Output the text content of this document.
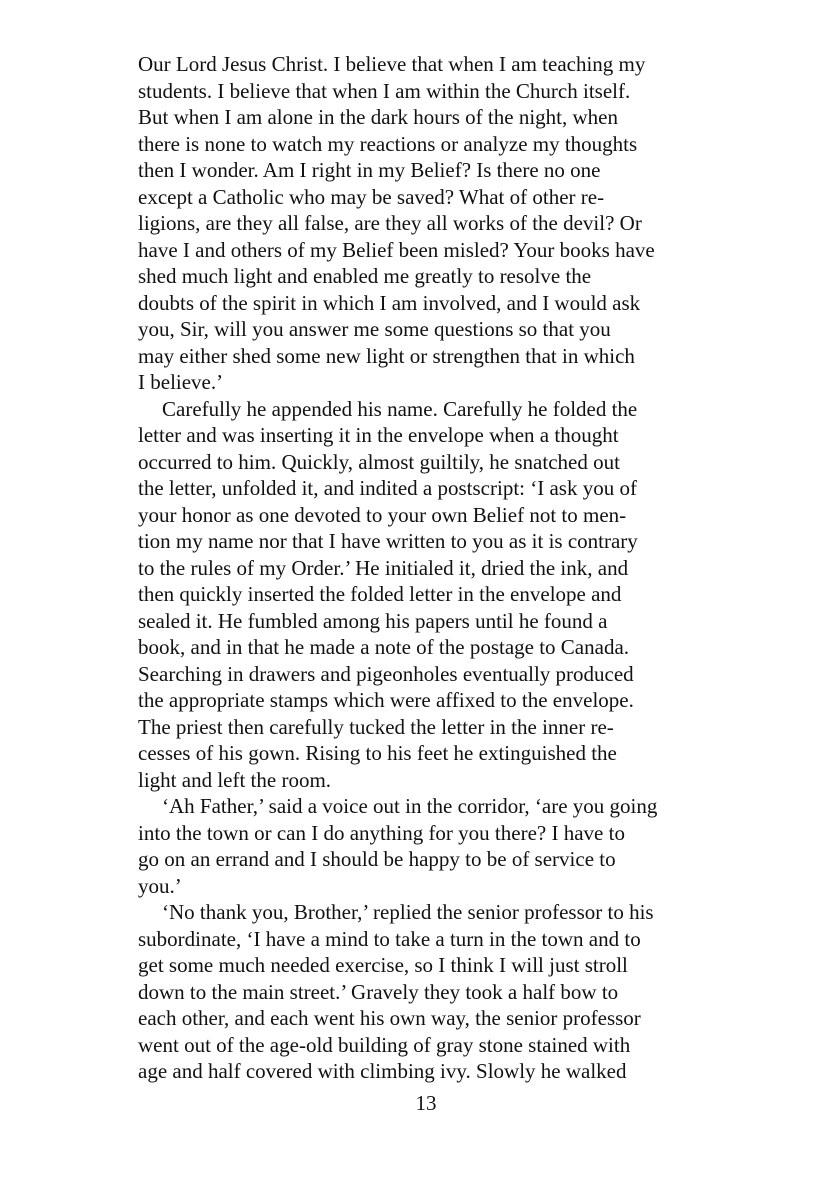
Our Lord Jesus Christ. I believe that when I am teaching my
students. I believe that when I am within the Church itself.
But when I am alone in the dark hours of the night, when
there is none to watch my reactions or analyze my thoughts
then I wonder. Am I right in my Belief? Is there no one
except a Catholic who may be saved? What of other re-
ligions, are they all false, are they all works of the devil? Or
have I and others of my Belief been misled? Your books have
shed much light and enabled me greatly to resolve the
doubts of the spirit in which I am involved, and I would ask
you, Sir, will you answer me some questions so that you
may either shed some new light or strengthen that in which
I believe.’
Carefully he appended his name. Carefully he folded the
letter and was inserting it in the envelope when a thought
occurred to him. Quickly, almost guiltily, he snatched out
the letter, unfolded it, and indited a postscript: ‘I ask you of
your honor as one devoted to your own Belief not to men-
tion my name nor that I have written to you as it is contrary
to the rules of my Order.’ He initialed it, dried the ink, and
then quickly inserted the folded letter in the envelope and
sealed it. He fumbled among his papers until he found a
book, and in that he made a note of the postage to Canada.
Searching in drawers and pigeonholes eventually produced
the appropriate stamps which were affixed to the envelope.
The priest then carefully tucked the letter in the inner re-
cesses of his gown. Rising to his feet he extinguished the
light and left the room.
‘Ah Father,’ said a voice out in the corridor, ‘are you going
into the town or can I do anything for you there? I have to
go on an errand and I should be happy to be of service to
you.’
‘No thank you, Brother,’ replied the senior professor to his
subordinate, ‘I have a mind to take a turn in the town and to
get some much needed exercise, so I think I will just stroll
down to the main street.’ Gravely they took a half bow to
each other, and each went his own way, the senior professor
went out of the age-old building of gray stone stained with
age and half covered with climbing ivy. Slowly he walked
13
